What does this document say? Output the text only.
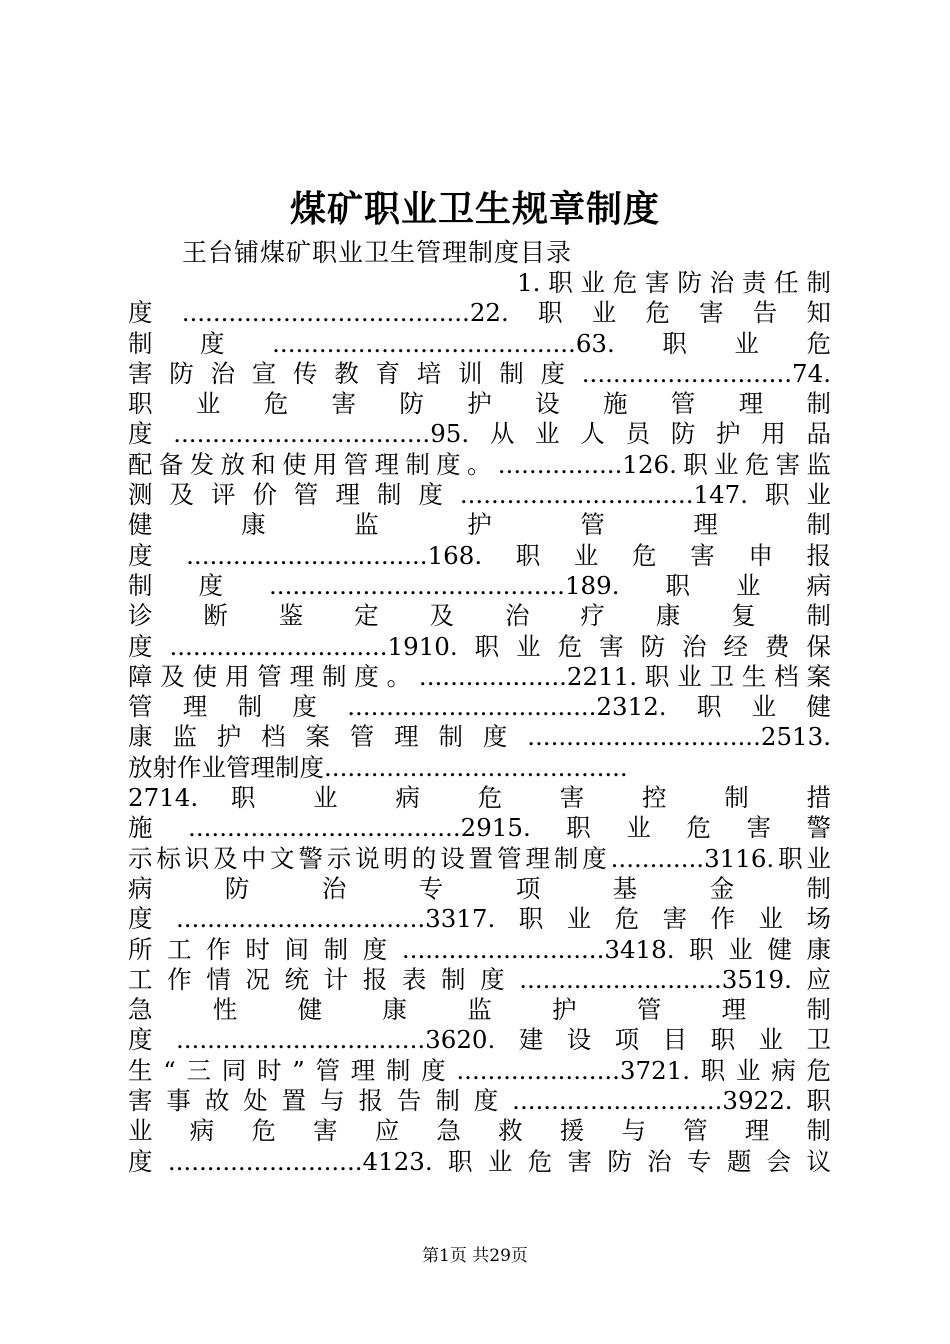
煤矿职业卫生规章制度
王台铺煤矿职业卫生管理制度目录
1. 职 业 危 害 防 治 责 任 制
度.....................................22.职业危害告知
制度.......................................63.职业危
害防治宣传教育培训制度...........................74.
职 业 危 害 防 护 设 施 管 理 制
度.................................95.从业人员防护用品
配备发放和使用管理制度。................126.职业危害监
测及评价管理制度..............................147.职业
健 康 监 护 管 理 制
度...............................168.职业危害申报
制度......................................189.职业病
诊 断 鉴 定 及 治 疗 康 复 制
度............................1910.职业危害防治经费保
障及使用管理制度。...................2211.职业卫生档案
管理制度................................2312.职业健
康监护档案管理制度..............................2513.
放射作业管理制度.......................................
2714. 职 业 病 危 害 控 制 措
施...................................2915.职业危害警
示标识及中文警示说明的设置管理制度............3116.职业
病 防 治 专 项 基 金 制
度................................3317.职业危害作业场
所工作时间制度..........................3418.职业健康
工作情况统计报表制度..........................3519.应
急 性 健 康 监 护 管 理 制
度................................3620.建设项目职业卫
生“三同时”管理制度.....................3721.职业病危
害事故处置与报告制度...........................3922.职
业 病 危 害 应 急 救 援 与 管 理 制
度.........................4123.职业危害防治专题会议
第1页 共29页
